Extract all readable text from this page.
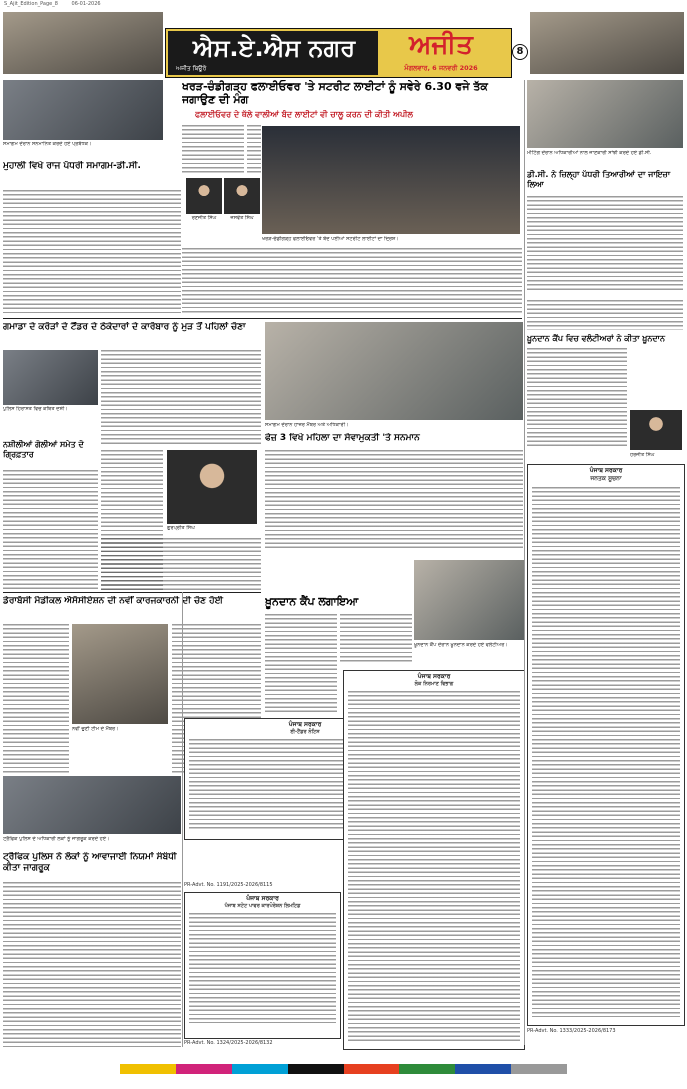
S_Ajit_Edition_Page_8	06-01-2026
ਐਸ.ਏ.ਐਸ ਨਗਰ
ਅਜੀਤ ਬਿਊਰੋ
ਅਜੀਤ
ਮੰਗਲਵਾਰ, 6 ਜਨਵਰੀ 2026
8
ਸਮਾਗਮ ਦੌਰਾਨ ਸਨਮਾਨਿਤ ਕਰਦੇ ਹੋਏ ਪ੍ਰਬੰਧਕ।
ਮੁਹਾਲੀ ਵਿਖੇ ਰਾਜ ਪੱਧਰੀ ਸਮਾਗਮ-ਡੀ.ਸੀ.
ਖਰੜ-ਚੰਡੀਗੜ੍ਹ ਫਲਾਈਓਵਰ 'ਤੇ ਸਟਰੀਟ ਲਾਈਟਾਂ ਨੂੰ ਸਵੇਰੇ 6.30 ਵਜੇ ਤੱਕ ਜਗਾਉਣ ਦੀ ਮੰਗ
ਫਲਾਈਓਵਰ ਦੇ ਥੱਲੇ ਵਾਲੀਆਂ ਬੰਦ ਲਾਈਟਾਂ ਵੀ ਚਾਲੂ ਕਰਨ ਦੀ ਕੀਤੀ ਅਪੀਲ
ਰਣਜੀਤ ਸਿੰਘ	ਜਸਵੰਤ ਸਿੰਘ
ਖਰੜ-ਚੰਡੀਗੜ੍ਹ ਫਲਾਈਓਵਰ 'ਤੇ ਬੰਦ ਪਈਆਂ ਸਟਰੀਟ ਲਾਈਟਾਂ ਦਾ ਦ੍ਰਿਸ਼।
ਮੀਟਿੰਗ ਦੌਰਾਨ ਅਧਿਕਾਰੀਆਂ ਨਾਲ ਜਾਣਕਾਰੀ ਸਾਂਝੀ ਕਰਦੇ ਹੋਏ ਡੀ.ਸੀ.
ਡੀ.ਸੀ. ਨੇ ਜ਼ਿਲ੍ਹਾ ਪੱਧਰੀ ਤਿਆਰੀਆਂ ਦਾ ਜਾਇਜ਼ਾ ਲਿਆ
ਗਮਾਡਾ ਦੇ ਕਰੋੜਾਂ ਦੇ ਟੈਂਡਰ ਦੇ ਠੇਕੇਦਾਰਾਂ ਦੇ ਕਾਰੋਬਾਰ ਨੂੰ ਮੁੜ ਤੋਂ ਪਹਿਲਾਂ ਚੋਣਾ
ਪੁਲਿਸ ਹਿਰਾਸਤ ਵਿਚ ਕਥਿਤ ਦੋਸ਼ੀ।
ਨਸ਼ੀਲੀਆਂ ਗੋਲੀਆਂ ਸਮੇਤ ਦੋ ਗ੍ਰਿਫ਼ਤਾਰ
ਗੁਰਪ੍ਰੀਤ ਸਿੰਘ
ਸਮਾਗਮ ਦੌਰਾਨ ਹਾਜ਼ਰ ਮੈਂਬਰ ਅਤੇ ਅਧਿਕਾਰੀ।
ਫੇਜ਼ 3 ਵਿਖੇ ਮਹਿਲਾ ਦਾ ਸੇਵਾਮੁਕਤੀ 'ਤੇ ਸਨਮਾਨ
ਖ਼ੂਨਦਾਨ ਕੈਂਪ ਵਿਚ ਵਲੰਟੀਅਰਾਂ ਨੇ ਕੀਤਾ ਖ਼ੂਨਦਾਨ
ਹਰਜੀਤ ਸਿੰਘ
ਪੰਜਾਬ ਸਰਕਾਰ
ਜਨਤਕ ਸੂਚਨਾ
PR-Advt. No. 1333/2025-2026/8173
ਡੇਰਾਬੱਸੀ ਮੈਡੀਕਲ ਐਸੋਸੀਏਸ਼ਨ ਦੀ ਨਵੀਂ ਕਾਰਜਕਾਰਨੀ ਦੀ ਚੋਣ ਹੋਈ
ਨਵੀਂ ਚੁਣੀ ਟੀਮ ਦੇ ਮੈਂਬਰ।
ਖ਼ੂਨਦਾਨ ਕੈਂਪ ਲਗਾਇਆ
ਖ਼ੂਨਦਾਨ ਕੈਂਪ ਦੌਰਾਨ ਖ਼ੂਨਦਾਨ ਕਰਦੇ ਹੋਏ ਵਲੰਟੀਅਰ।
ਪੰਜਾਬ ਸਰਕਾਰ
ਈ-ਟੈਂਡਰ ਨੋਟਿਸ
PR-Advt. No. 1191/2025-2026/8115
ਪੰਜਾਬ ਸਰਕਾਰ
ਪੰਜਾਬ ਸਟੇਟ ਪਾਵਰ ਕਾਰਪੋਰੇਸ਼ਨ ਲਿਮਟਿਡ
PR-Advt. No. 1324/2025-2026/8132
ਪੰਜਾਬ ਸਰਕਾਰ
ਲੋਕ ਨਿਰਮਾਣ ਵਿਭਾਗ
ਟ੍ਰੈਫਿਕ ਪੁਲਿਸ ਦੇ ਅਧਿਕਾਰੀ ਲੋਕਾਂ ਨੂੰ ਜਾਗਰੂਕ ਕਰਦੇ ਹੋਏ।
ਟ੍ਰੈਫਿਕ ਪੁਲਿਸ ਨੇ ਲੋਕਾਂ ਨੂੰ ਆਵਾਜਾਈ ਨਿਯਮਾਂ ਸੰਬੰਧੀ ਕੀਤਾ ਜਾਗਰੂਕ
